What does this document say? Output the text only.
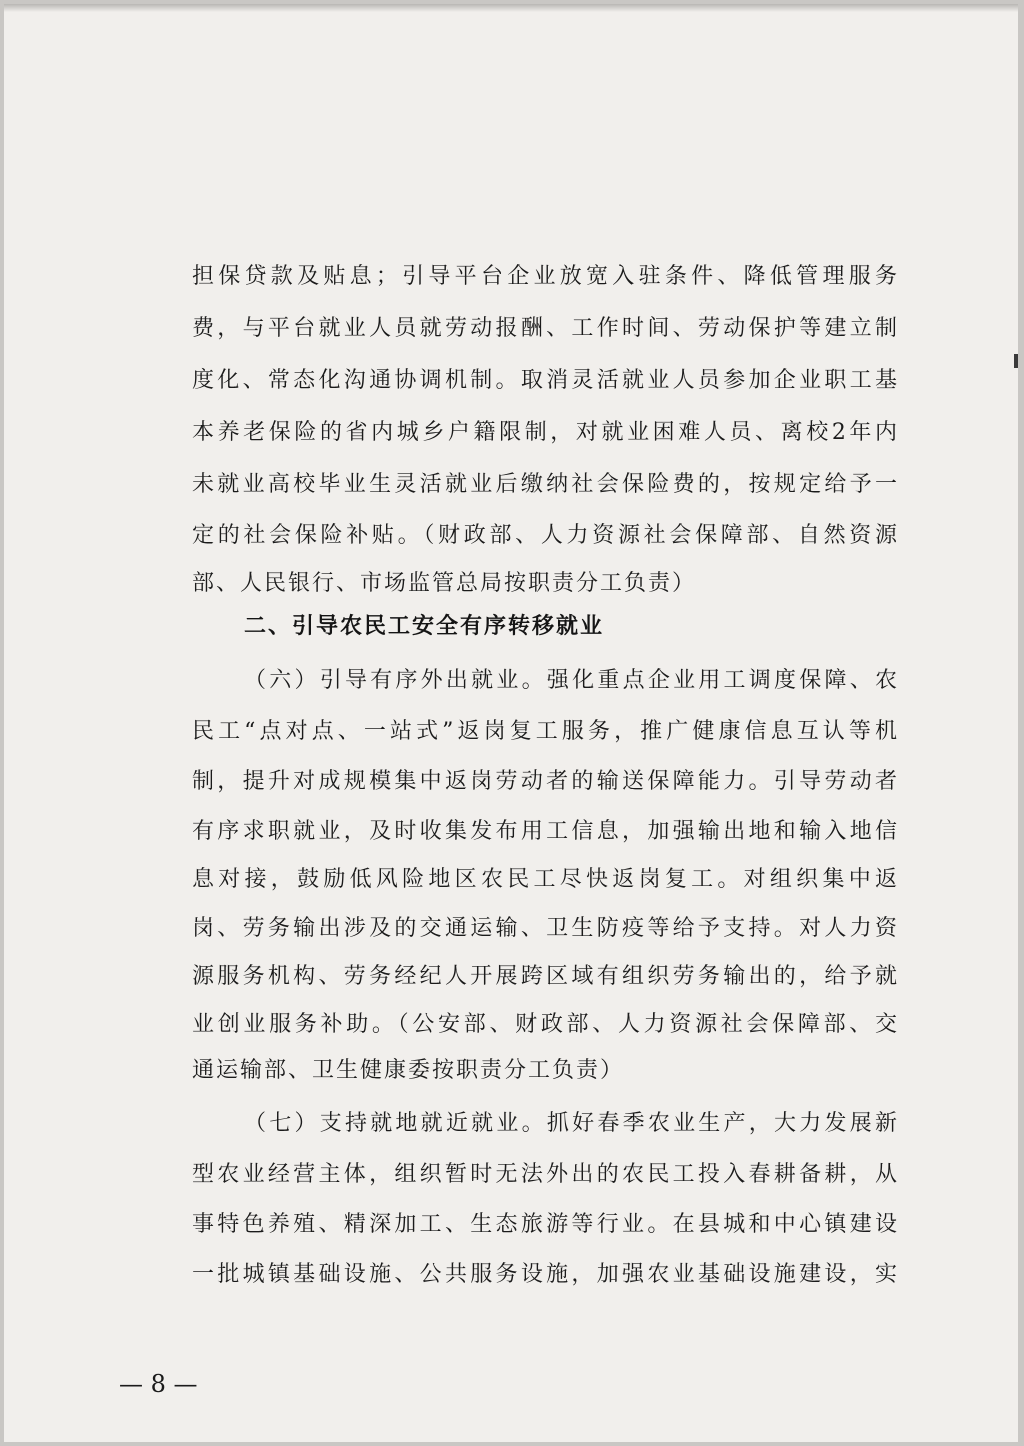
担保贷款及贴息；引导平台企业放宽入驻条件、降低管理服务
费，与平台就业人员就劳动报酬、工作时间、劳动保护等建立制
度化、常态化沟通协调机制。取消灵活就业人员参加企业职工基
本养老保险的省内城乡户籍限制，对就业困难人员、离校2年内
未就业高校毕业生灵活就业后缴纳社会保险费的，按规定给予一
定的社会保险补贴。（财政部、人力资源社会保障部、自然资源
部、人民银行、市场监管总局按职责分工负责）
二、引导农民工安全有序转移就业
（六）引导有序外出就业。强化重点企业用工调度保障、农
民工“点对点、一站式”返岗复工服务，推广健康信息互认等机
制，提升对成规模集中返岗劳动者的输送保障能力。引导劳动者
有序求职就业，及时收集发布用工信息，加强输出地和输入地信
息对接，鼓励低风险地区农民工尽快返岗复工。对组织集中返
岗、劳务输出涉及的交通运输、卫生防疫等给予支持。对人力资
源服务机构、劳务经纪人开展跨区域有组织劳务输出的，给予就
业创业服务补助。（公安部、财政部、人力资源社会保障部、交
通运输部、卫生健康委按职责分工负责）
（七）支持就地就近就业。抓好春季农业生产，大力发展新
型农业经营主体，组织暂时无法外出的农民工投入春耕备耕，从
事特色养殖、精深加工、生态旅游等行业。在县城和中心镇建设
一批城镇基础设施、公共服务设施，加强农业基础设施建设，实
— 8 —
